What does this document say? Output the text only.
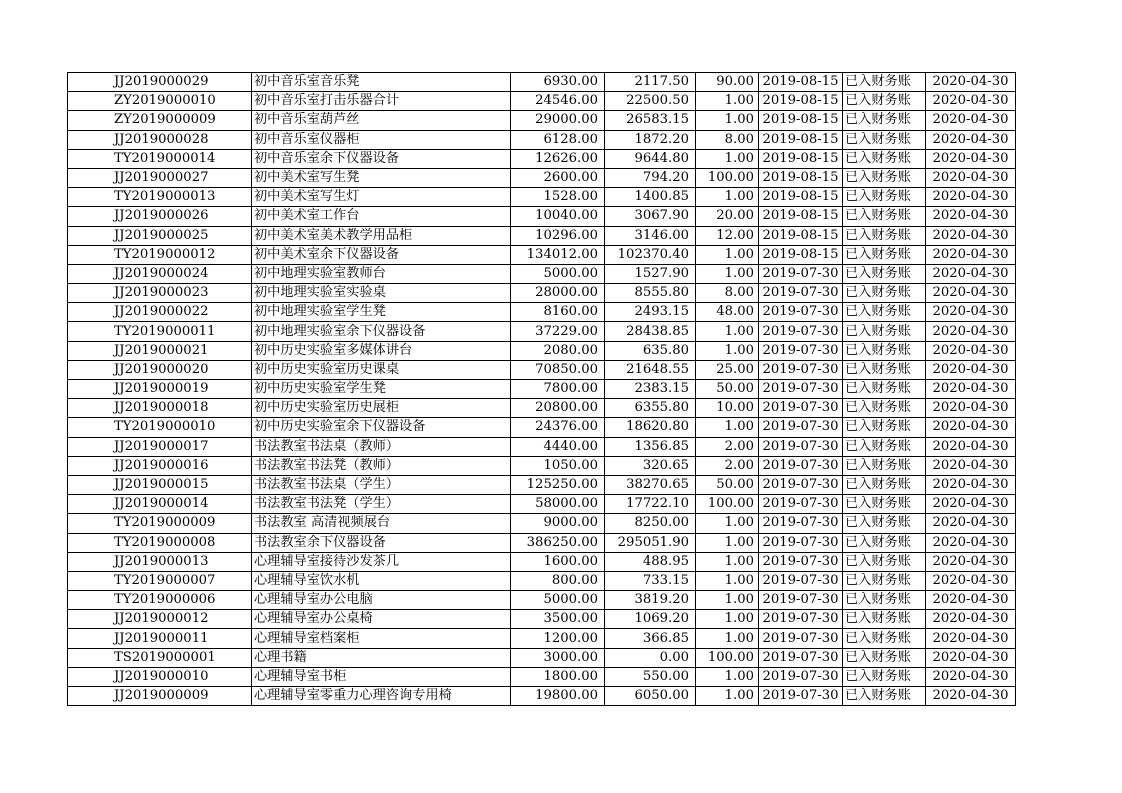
JJ2019000029	初中音乐室音乐凳	6930.00	2117.50	90.00	2019-08-15	已入财务账	2020-04-30
ZY2019000010	初中音乐室打击乐器合计	24546.00	22500.50	1.00	2019-08-15	已入财务账	2020-04-30
ZY2019000009	初中音乐室葫芦丝	29000.00	26583.15	1.00	2019-08-15	已入财务账	2020-04-30
JJ2019000028	初中音乐室仪器柜	6128.00	1872.20	8.00	2019-08-15	已入财务账	2020-04-30
TY2019000014	初中音乐室余下仪器设备	12626.00	9644.80	1.00	2019-08-15	已入财务账	2020-04-30
JJ2019000027	初中美术室写生凳	2600.00	794.20	100.00	2019-08-15	已入财务账	2020-04-30
TY2019000013	初中美术室写生灯	1528.00	1400.85	1.00	2019-08-15	已入财务账	2020-04-30
JJ2019000026	初中美术室工作台	10040.00	3067.90	20.00	2019-08-15	已入财务账	2020-04-30
JJ2019000025	初中美术室美术教学用品柜	10296.00	3146.00	12.00	2019-08-15	已入财务账	2020-04-30
TY2019000012	初中美术室余下仪器设备	134012.00	102370.40	1.00	2019-08-15	已入财务账	2020-04-30
JJ2019000024	初中地理实验室教师台	5000.00	1527.90	1.00	2019-07-30	已入财务账	2020-04-30
JJ2019000023	初中地理实验室实验桌	28000.00	8555.80	8.00	2019-07-30	已入财务账	2020-04-30
JJ2019000022	初中地理实验室学生凳	8160.00	2493.15	48.00	2019-07-30	已入财务账	2020-04-30
TY2019000011	初中地理实验室余下仪器设备	37229.00	28438.85	1.00	2019-07-30	已入财务账	2020-04-30
JJ2019000021	初中历史实验室多媒体讲台	2080.00	635.80	1.00	2019-07-30	已入财务账	2020-04-30
JJ2019000020	初中历史实验室历史课桌	70850.00	21648.55	25.00	2019-07-30	已入财务账	2020-04-30
JJ2019000019	初中历史实验室学生凳	7800.00	2383.15	50.00	2019-07-30	已入财务账	2020-04-30
JJ2019000018	初中历史实验室历史展柜	20800.00	6355.80	10.00	2019-07-30	已入财务账	2020-04-30
TY2019000010	初中历史实验室余下仪器设备	24376.00	18620.80	1.00	2019-07-30	已入财务账	2020-04-30
JJ2019000017	书法教室书法桌（教师）	4440.00	1356.85	2.00	2019-07-30	已入财务账	2020-04-30
JJ2019000016	书法教室书法凳（教师）	1050.00	320.65	2.00	2019-07-30	已入财务账	2020-04-30
JJ2019000015	书法教室书法桌（学生）	125250.00	38270.65	50.00	2019-07-30	已入财务账	2020-04-30
JJ2019000014	书法教室书法凳（学生）	58000.00	17722.10	100.00	2019-07-30	已入财务账	2020-04-30
TY2019000009	书法教室 高清视频展台	9000.00	8250.00	1.00	2019-07-30	已入财务账	2020-04-30
TY2019000008	书法教室余下仪器设备	386250.00	295051.90	1.00	2019-07-30	已入财务账	2020-04-30
JJ2019000013	心理辅导室接待沙发茶几	1600.00	488.95	1.00	2019-07-30	已入财务账	2020-04-30
TY2019000007	心理辅导室饮水机	800.00	733.15	1.00	2019-07-30	已入财务账	2020-04-30
TY2019000006	心理辅导室办公电脑	5000.00	3819.20	1.00	2019-07-30	已入财务账	2020-04-30
JJ2019000012	心理辅导室办公桌椅	3500.00	1069.20	1.00	2019-07-30	已入财务账	2020-04-30
JJ2019000011	心理辅导室档案柜	1200.00	366.85	1.00	2019-07-30	已入财务账	2020-04-30
TS2019000001	心理书籍	3000.00	0.00	100.00	2019-07-30	已入财务账	2020-04-30
JJ2019000010	心理辅导室书柜	1800.00	550.00	1.00	2019-07-30	已入财务账	2020-04-30
JJ2019000009	心理辅导室零重力心理咨询专用椅	19800.00	6050.00	1.00	2019-07-30	已入财务账	2020-04-30
